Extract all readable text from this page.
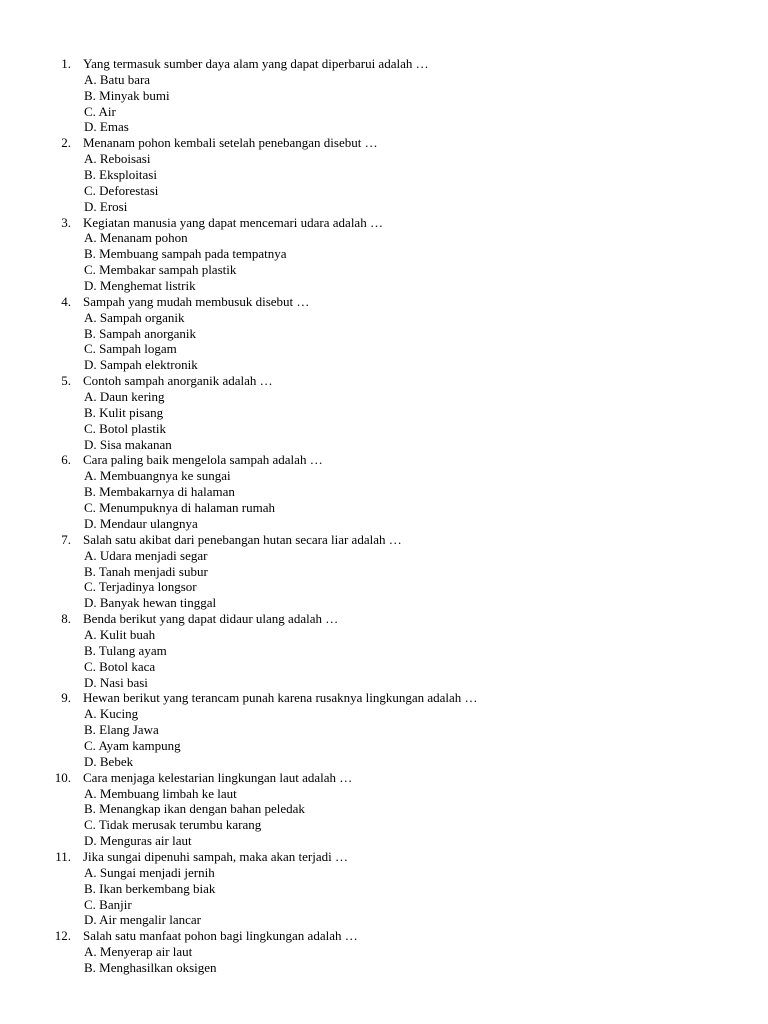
1. Yang termasuk sumber daya alam yang dapat diperbarui adalah …
A. Batu bara
B. Minyak bumi
C. Air
D. Emas
2. Menanam pohon kembali setelah penebangan disebut …
A. Reboisasi
B. Eksploitasi
C. Deforestasi
D. Erosi
3. Kegiatan manusia yang dapat mencemari udara adalah …
A. Menanam pohon
B. Membuang sampah pada tempatnya
C. Membakar sampah plastik
D. Menghemat listrik
4. Sampah yang mudah membusuk disebut …
A. Sampah organik
B. Sampah anorganik
C. Sampah logam
D. Sampah elektronik
5. Contoh sampah anorganik adalah …
A. Daun kering
B. Kulit pisang
C. Botol plastik
D. Sisa makanan
6. Cara paling baik mengelola sampah adalah …
A. Membuangnya ke sungai
B. Membakarnya di halaman
C. Menumpuknya di halaman rumah
D. Mendaur ulangnya
7. Salah satu akibat dari penebangan hutan secara liar adalah …
A. Udara menjadi segar
B. Tanah menjadi subur
C. Terjadinya longsor
D. Banyak hewan tinggal
8. Benda berikut yang dapat didaur ulang adalah …
A. Kulit buah
B. Tulang ayam
C. Botol kaca
D. Nasi basi
9. Hewan berikut yang terancam punah karena rusaknya lingkungan adalah …
A. Kucing
B. Elang Jawa
C. Ayam kampung
D. Bebek
10. Cara menjaga kelestarian lingkungan laut adalah …
A. Membuang limbah ke laut
B. Menangkap ikan dengan bahan peledak
C. Tidak merusak terumbu karang
D. Menguras air laut
11. Jika sungai dipenuhi sampah, maka akan terjadi …
A. Sungai menjadi jernih
B. Ikan berkembang biak
C. Banjir
D. Air mengalir lancar
12. Salah satu manfaat pohon bagi lingkungan adalah …
A. Menyerap air laut
B. Menghasilkan oksigen
